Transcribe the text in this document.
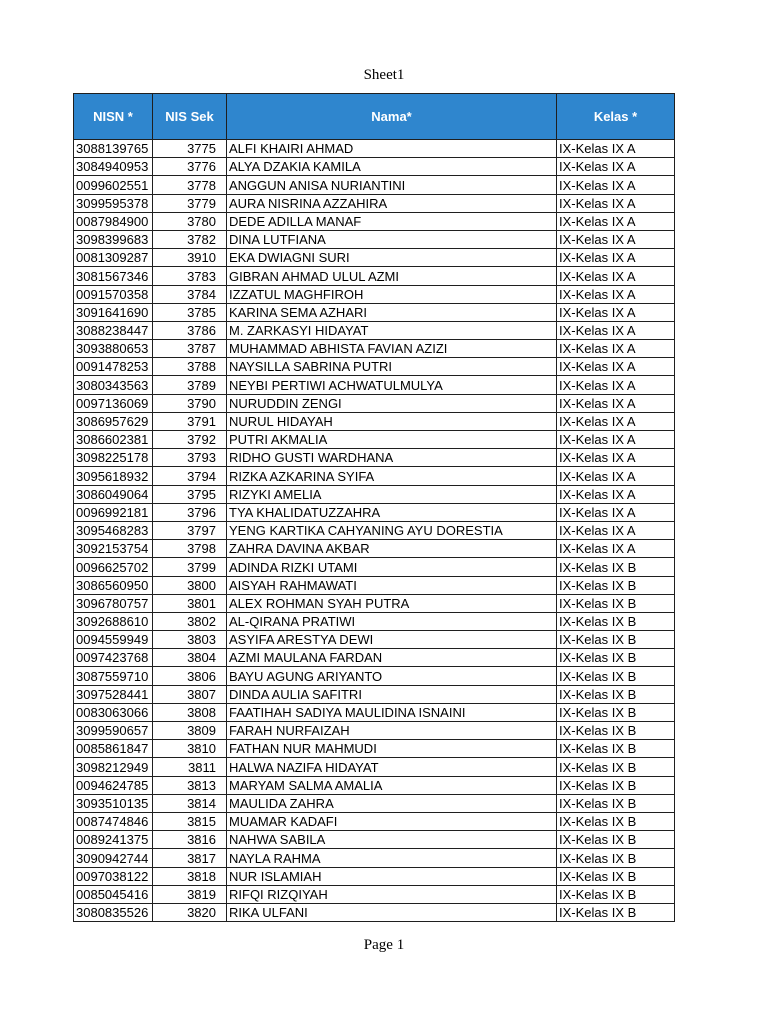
Sheet1
NISN *	NIS Sek	Nama*	Kelas *
3088139765	3775	ALFI KHAIRI AHMAD	IX-Kelas IX A
3084940953	3776	ALYA DZAKIA KAMILA	IX-Kelas IX A
0099602551	3778	ANGGUN ANISA NURIANTINI	IX-Kelas IX A
3099595378	3779	AURA NISRINA AZZAHIRA	IX-Kelas IX A
0087984900	3780	DEDE ADILLA MANAF	IX-Kelas IX A
3098399683	3782	DINA LUTFIANA	IX-Kelas IX A
0081309287	3910	EKA DWIAGNI SURI	IX-Kelas IX A
3081567346	3783	GIBRAN AHMAD ULUL AZMI	IX-Kelas IX A
0091570358	3784	IZZATUL MAGHFIROH	IX-Kelas IX A
3091641690	3785	KARINA SEMA AZHARI	IX-Kelas IX A
3088238447	3786	M. ZARKASYI HIDAYAT	IX-Kelas IX A
3093880653	3787	MUHAMMAD ABHISTA FAVIAN AZIZI	IX-Kelas IX A
0091478253	3788	NAYSILLA SABRINA PUTRI	IX-Kelas IX A
3080343563	3789	NEYBI PERTIWI ACHWATULMULYA	IX-Kelas IX A
0097136069	3790	NURUDDIN ZENGI	IX-Kelas IX A
3086957629	3791	NURUL HIDAYAH	IX-Kelas IX A
3086602381	3792	PUTRI AKMALIA	IX-Kelas IX A
3098225178	3793	RIDHO GUSTI WARDHANA	IX-Kelas IX A
3095618932	3794	RIZKA AZKARINA SYIFA	IX-Kelas IX A
3086049064	3795	RIZYKI AMELIA	IX-Kelas IX A
0096992181	3796	TYA KHALIDATUZZAHRA	IX-Kelas IX A
3095468283	3797	YENG KARTIKA CAHYANING AYU DORESTIA	IX-Kelas IX A
3092153754	3798	ZAHRA DAVINA AKBAR	IX-Kelas IX A
0096625702	3799	ADINDA RIZKI UTAMI	IX-Kelas IX B
3086560950	3800	AISYAH RAHMAWATI	IX-Kelas IX B
3096780757	3801	ALEX ROHMAN SYAH PUTRA	IX-Kelas IX B
3092688610	3802	AL-QIRANA PRATIWI	IX-Kelas IX B
0094559949	3803	ASYIFA ARESTYA DEWI	IX-Kelas IX B
0097423768	3804	AZMI MAULANA FARDAN	IX-Kelas IX B
3087559710	3806	BAYU AGUNG ARIYANTO	IX-Kelas IX B
3097528441	3807	DINDA AULIA SAFITRI	IX-Kelas IX B
0083063066	3808	FAATIHAH SADIYA MAULIDINA ISNAINI	IX-Kelas IX B
3099590657	3809	FARAH NURFAIZAH	IX-Kelas IX B
0085861847	3810	FATHAN NUR MAHMUDI	IX-Kelas IX B
3098212949	3811	HALWA NAZIFA HIDAYAT	IX-Kelas IX B
0094624785	3813	MARYAM SALMA AMALIA	IX-Kelas IX B
3093510135	3814	MAULIDA ZAHRA	IX-Kelas IX B
0087474846	3815	MUAMAR KADAFI	IX-Kelas IX B
0089241375	3816	NAHWA SABILA	IX-Kelas IX B
3090942744	3817	NAYLA RAHMA	IX-Kelas IX B
0097038122	3818	NUR ISLAMIAH	IX-Kelas IX B
0085045416	3819	RIFQI RIZQIYAH	IX-Kelas IX B
3080835526	3820	RIKA ULFANI	IX-Kelas IX B
Page 1
